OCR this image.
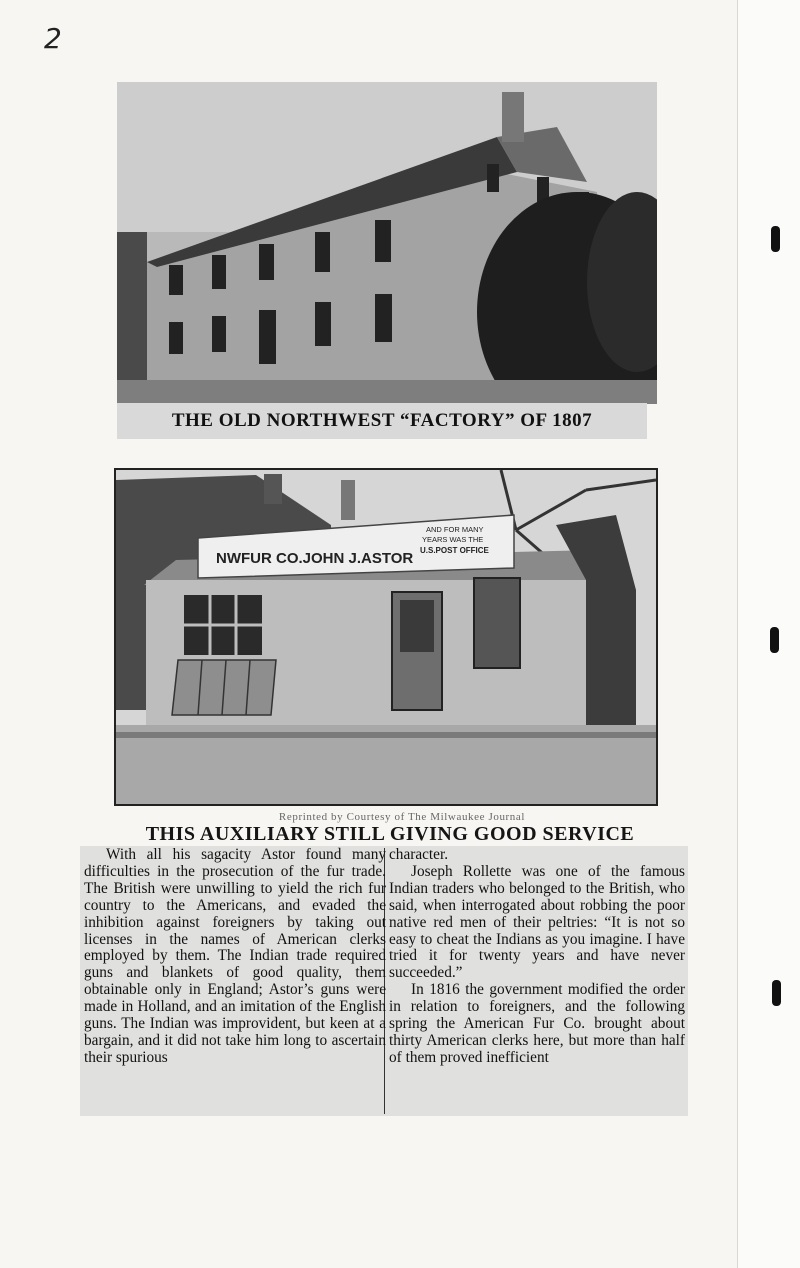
2
THE OLD NORTHWEST “FACTORY” OF 1807
NWFUR CO.JOHN J.ASTOR
AND FOR MANY
YEARS WAS THE
U.S.POST OFFICE
Reprinted by Courtesy of The Milwaukee Journal
THIS AUXILIARY STILL GIVING GOOD SERVICE

With all his sagacity Astor found many difficulties in the prosecution of the fur trade. The British were unwilling to yield the rich fur country to the Americans, and evaded the inhibition against foreigners by taking out licenses in the names of American clerks employed by them. The Indian trade required guns and blankets of good quality, them obtainable only in England; Astor’s guns were made in Holland, and an imitation of the English guns. The Indian was improvident, but keen at a bargain, and it did not take him long to ascertain their spurious

character.

Joseph Rollette was one of the famous Indian traders who belonged to the British, who said, when interrogated about robbing the poor native red men of their peltries: “It is not so easy to cheat the Indians as you imagine. I have tried it for twenty years and have never succeeded.”

In 1816 the government modified the order in relation to foreigners, and the following spring the American Fur Co. brought about thirty American clerks here, but more than half of them proved inefficient
